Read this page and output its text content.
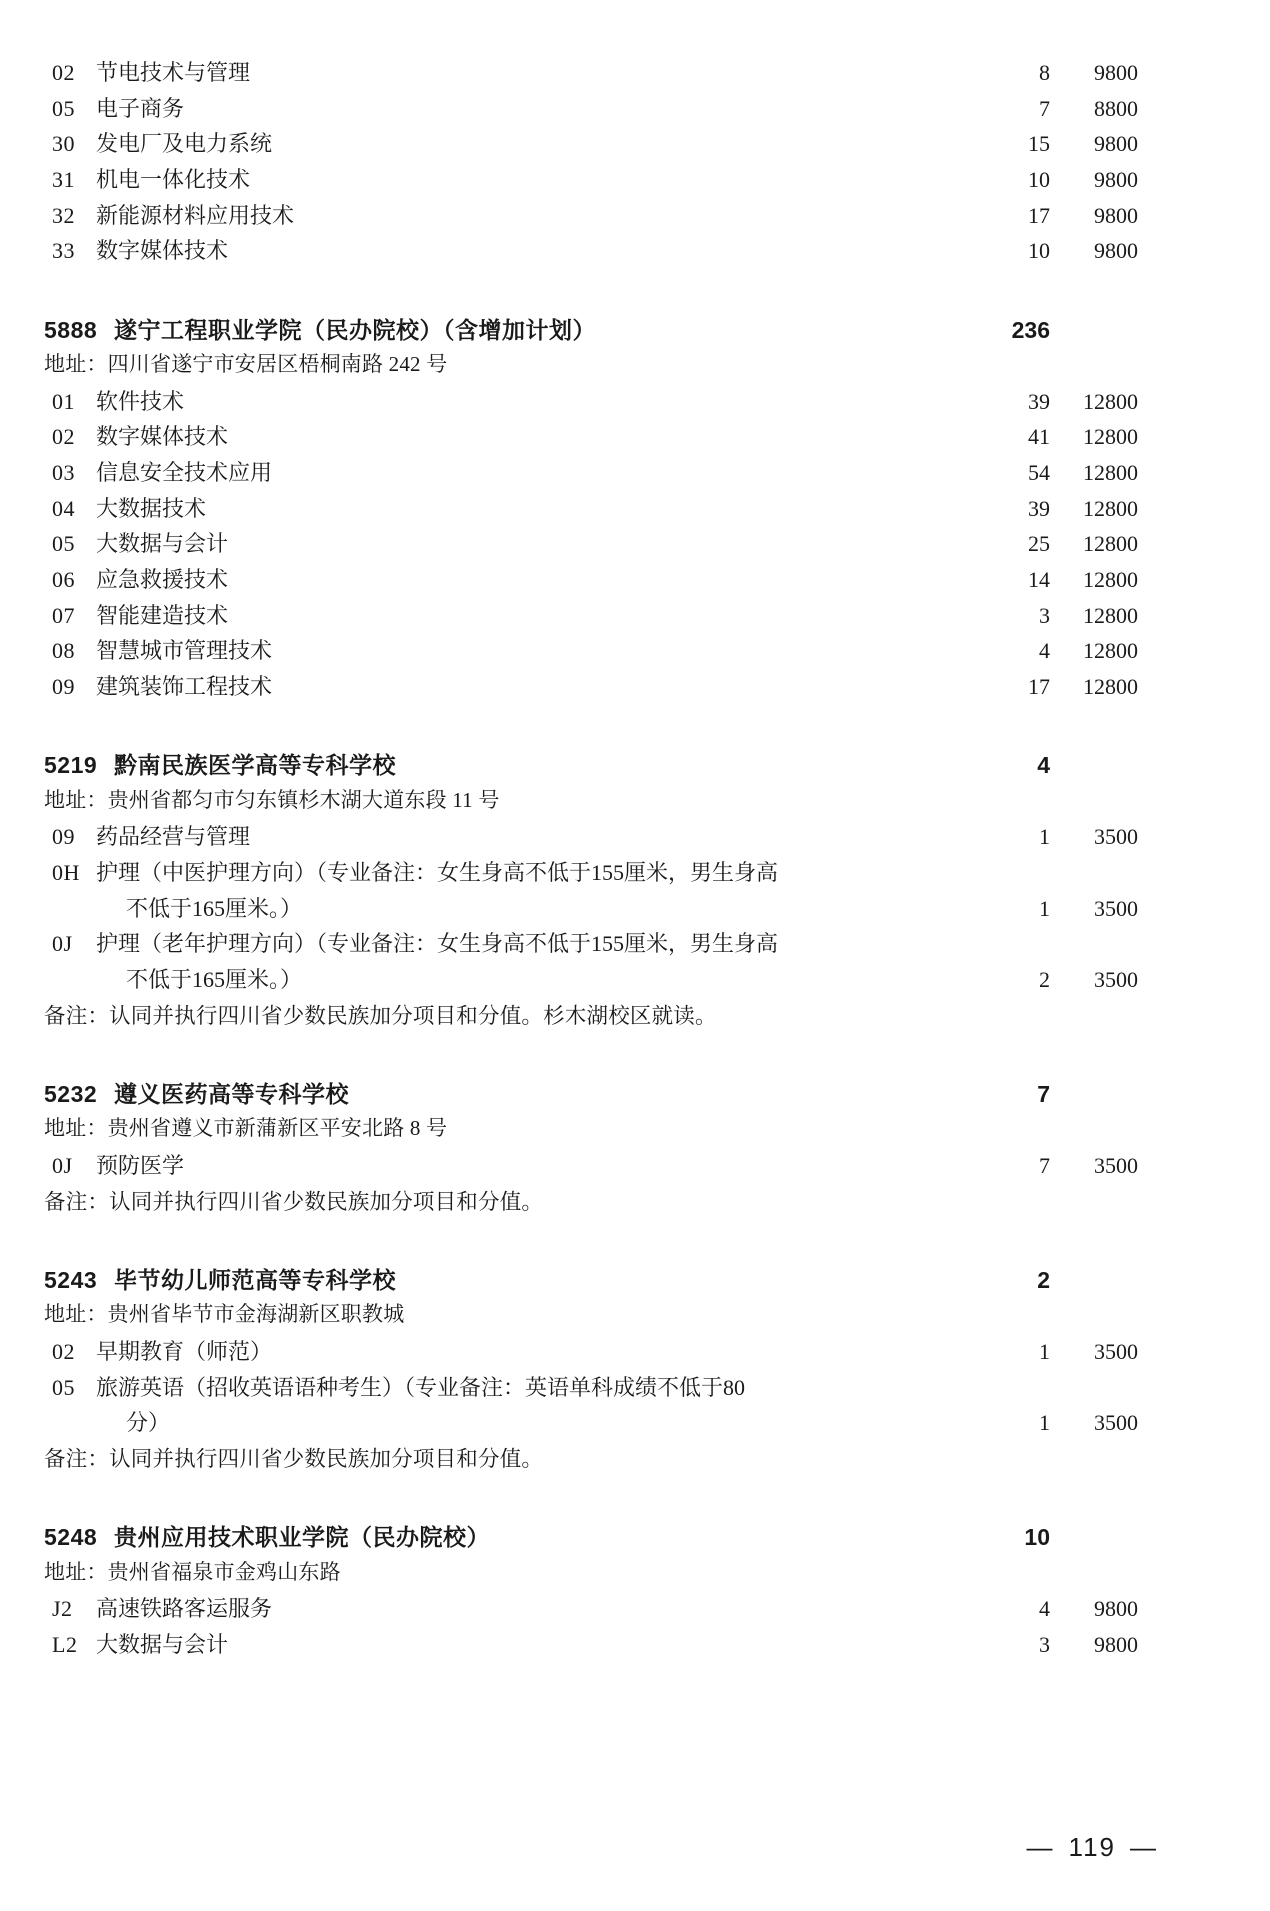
02 节电技术与管理	8	9800
05 电子商务	7	8800
30 发电厂及电力系统	15	9800
31 机电一体化技术	10	9800
32 新能源材料应用技术	17	9800
33 数字媒体技术	10	9800
5888 遂宁工程职业学院（民办院校）（含增加计划）	236
地址：四川省遂宁市安居区梧桐南路 242 号
01 软件技术	39	12800
02 数字媒体技术	41	12800
03 信息安全技术应用	54	12800
04 大数据技术	39	12800
05 大数据与会计	25	12800
06 应急救援技术	14	12800
07 智能建造技术	3	12800
08 智慧城市管理技术	4	12800
09 建筑装饰工程技术	17	12800
5219 黔南民族医学高等专科学校	4
地址：贵州省都匀市匀东镇杉木湖大道东段 11 号
09 药品经营与管理	1	3500
0H 护理（中医护理方向）（专业备注：女生身高不低于155厘米，男生身高
不低于165厘米。）	1	3500
0J	护理（老年护理方向）（专业备注：女生身高不低于155厘米，男生身高
不低于165厘米。）	2	3500
备注：认同并执行四川省少数民族加分项目和分值。杉木湖校区就读。
5232 遵义医药高等专科学校	7
地址：贵州省遵义市新蒲新区平安北路 8 号
0J	预防医学	7	3500
备注：认同并执行四川省少数民族加分项目和分值。
5243 毕节幼儿师范高等专科学校	2
地址：贵州省毕节市金海湖新区职教城
02 早期教育（师范）	1	3500
05 旅游英语（招收英语语种考生）（专业备注：英语单科成绩不低于80
分）	1	3500
备注：认同并执行四川省少数民族加分项目和分值。
5248 贵州应用技术职业学院（民办院校）	10
地址：贵州省福泉市金鸡山东路
J2	高速铁路客运服务	4	9800
L2 大数据与会计	3	9800
— 119 —
